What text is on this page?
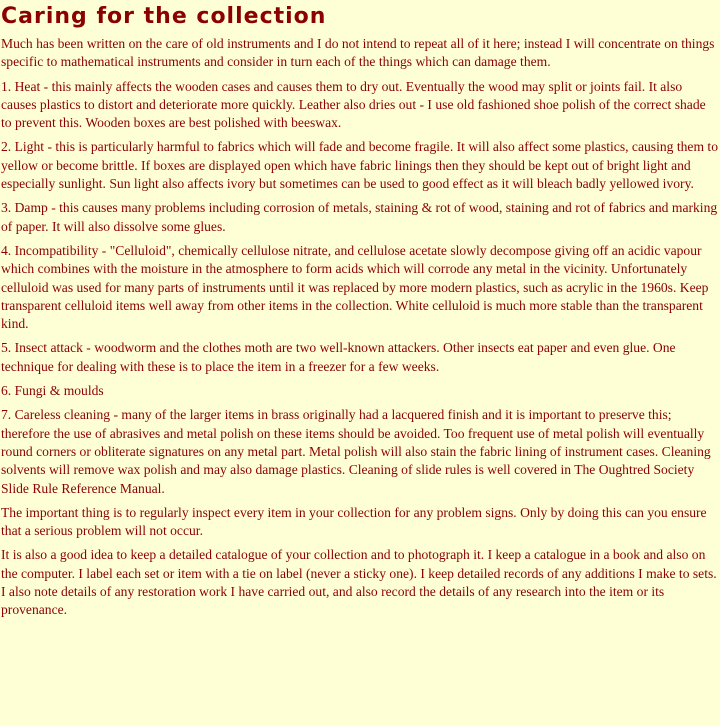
Caring for the collection

Much has been written on the care of old instruments and I do not intend to repeat all of it here; instead I will concentrate on things specific to mathematical instruments and consider in turn each of the things which can damage them.

1. Heat - this mainly affects the wooden cases and causes them to dry out. Eventually the wood may split or joints fail. It also causes plastics to distort and deteriorate more quickly. Leather also dries out - I use old fashioned shoe polish of the correct shade to prevent this. Wooden boxes are best polished with beeswax.

2. Light - this is particularly harmful to fabrics which will fade and become fragile. It will also affect some plastics, causing them to yellow or become brittle. If boxes are displayed open which have fabric linings then they should be kept out of bright light and especially sunlight. Sun light also affects ivory but sometimes can be used to good effect as it will bleach badly yellowed ivory.

3. Damp - this causes many problems including corrosion of metals, staining & rot of wood, staining and rot of fabrics and marking of paper. It will also dissolve some glues.

4. Incompatibility - "Celluloid", chemically cellulose nitrate, and cellulose acetate slowly decompose giving off an acidic vapour which combines with the moisture in the atmosphere to form acids which will corrode any metal in the vicinity. Unfortunately celluloid was used for many parts of instruments until it was replaced by more modern plastics, such as acrylic in the 1960s. Keep transparent celluloid items well away from other items in the collection. White celluloid is much more stable than the transparent kind.

5. Insect attack - woodworm and the clothes moth are two well-known attackers. Other insects eat paper and even glue. One technique for dealing with these is to place the item in a freezer for a few weeks.

6. Fungi & moulds

7. Careless cleaning - many of the larger items in brass originally had a lacquered finish and it is important to preserve this; therefore the use of abrasives and metal polish on these items should be avoided. Too frequent use of metal polish will eventually round corners or obliterate signatures on any metal part. Metal polish will also stain the fabric lining of instrument cases. Cleaning solvents will remove wax polish and may also damage plastics. Cleaning of slide rules is well covered in The Oughtred Society Slide Rule Reference Manual.

The important thing is to regularly inspect every item in your collection for any problem signs. Only by doing this can you ensure that a serious problem will not occur.

It is also a good idea to keep a detailed catalogue of your collection and to photograph it. I keep a catalogue in a book and also on the computer. I label each set or item with a tie on label (never a sticky one). I keep detailed records of any additions I make to sets. I also note details of any restoration work I have carried out, and also record the details of any research into the item or its provenance.
